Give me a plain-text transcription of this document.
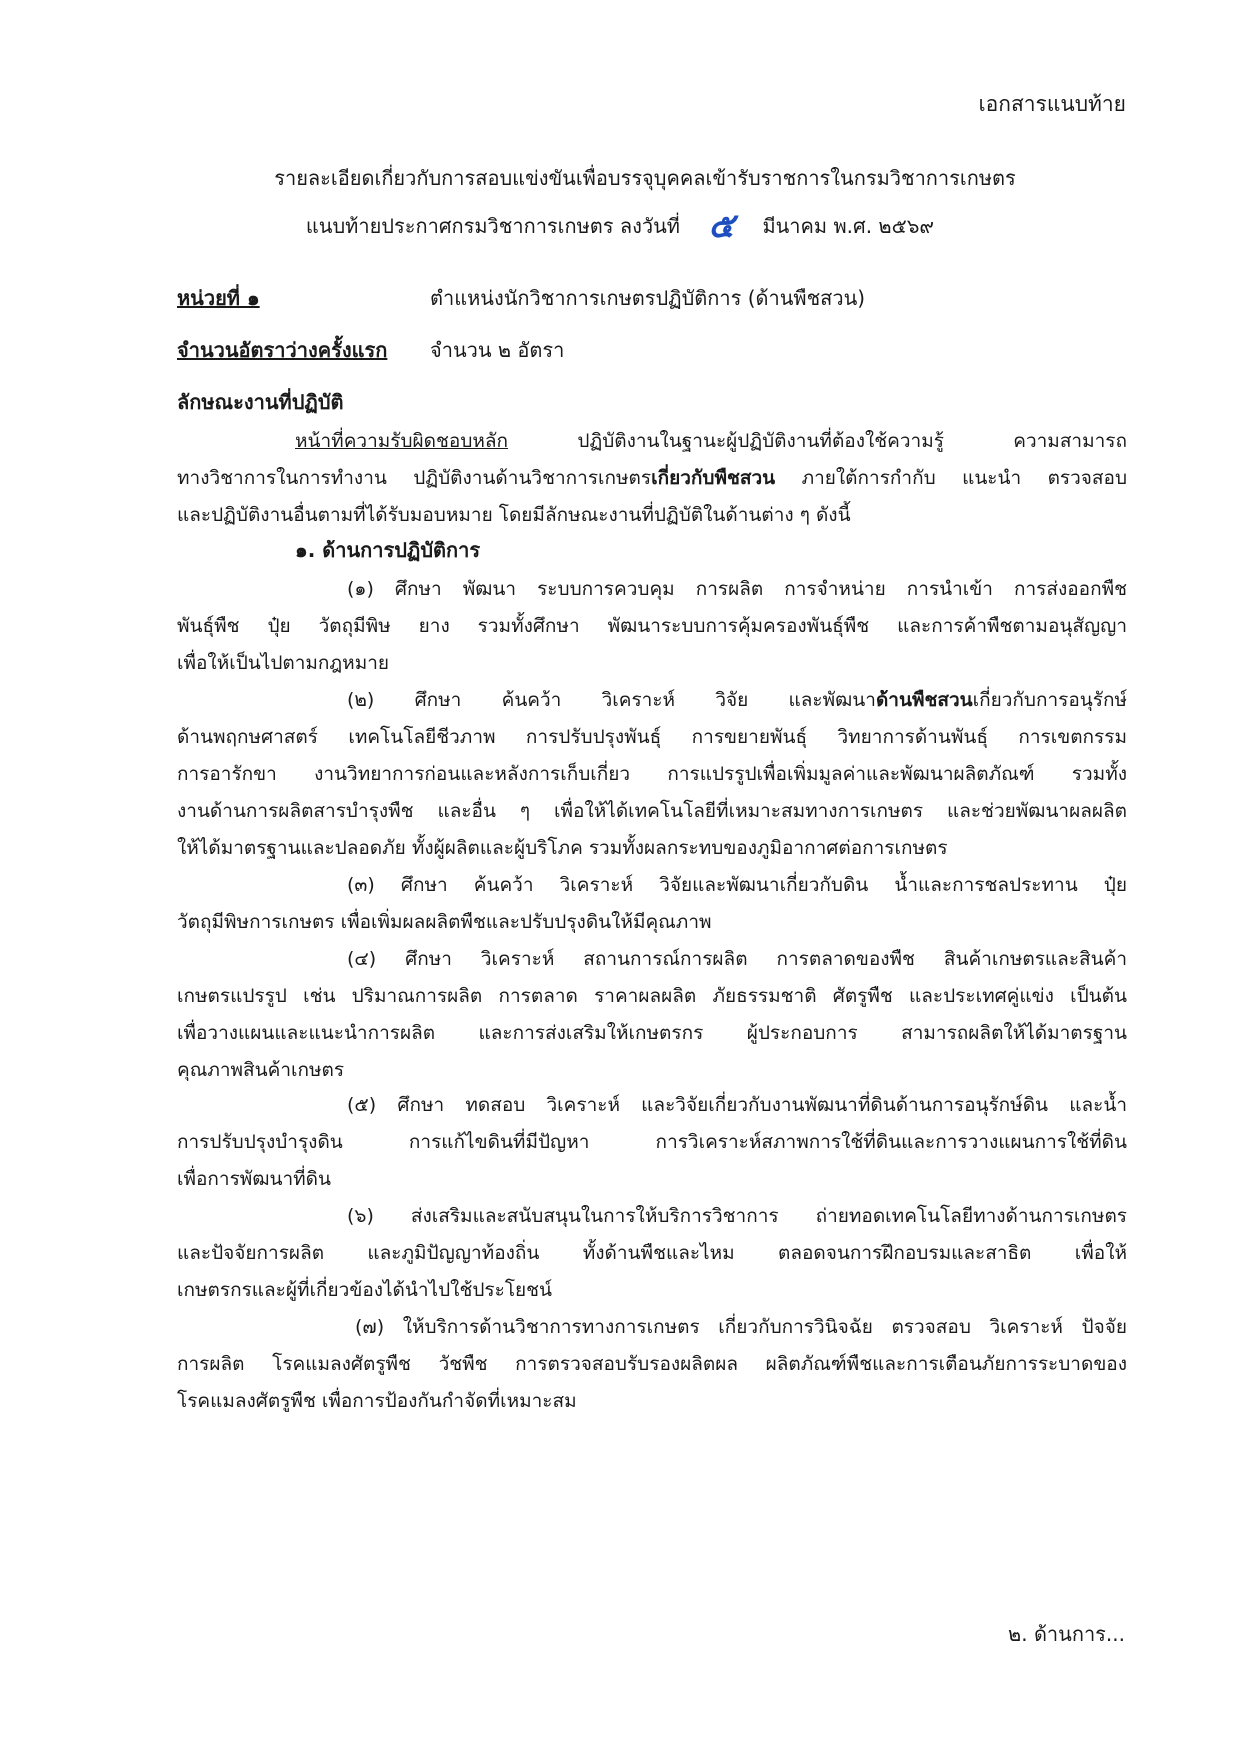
เอกสารแนบท้าย
รายละเอียดเกี่ยวกับการสอบแข่งขันเพื่อบรรจุบุคคลเข้ารับราชการในกรมวิชาการเกษตร
แนบท้ายประกาศกรมวิชาการเกษตร ลงวันที่ ๕ มีนาคม พ.ศ. ๒๕๖๙
หน่วยที่ ๑	ตำแหน่งนักวิชาการเกษตรปฏิบัติการ (ด้านพืชสวน)
จำนวนอัตราว่างครั้งแรก จำนวน ๒ อัตรา
ลักษณะงานที่ปฏิบัติ
หน้าที่ความรับผิดชอบหลัก ปฏิบัติงานในฐานะผู้ปฏิบัติงานที่ต้องใช้ความรู้ ความสามารถ
ทางวิชาการในการทำงาน ปฏิบัติงานด้านวิชาการเกษตรเกี่ยวกับพืชสวน ภายใต้การกำกับ แนะนำ ตรวจสอบ
และปฏิบัติงานอื่นตามที่ได้รับมอบหมาย โดยมีลักษณะงานที่ปฏิบัติในด้านต่าง ๆ ดังนี้
๑. ด้านการปฏิบัติการ
(๑) ศึกษา พัฒนา ระบบการควบคุม การผลิต การจำหน่าย การนำเข้า การส่งออกพืช
พันธุ์พืช ปุ๋ย วัตถุมีพิษ ยาง รวมทั้งศึกษา พัฒนาระบบการคุ้มครองพันธุ์พืช และการค้าพืชตามอนุสัญญา
เพื่อให้เป็นไปตามกฎหมาย
(๒) ศึกษา ค้นคว้า วิเคราะห์ วิจัย และพัฒนาด้านพืชสวนเกี่ยวกับการอนุรักษ์
ด้านพฤกษศาสตร์ เทคโนโลยีชีวภาพ การปรับปรุงพันธุ์ การขยายพันธุ์ วิทยาการด้านพันธุ์ การเขตกรรม
การอารักขา งานวิทยาการก่อนและหลังการเก็บเกี่ยว การแปรรูปเพื่อเพิ่มมูลค่าและพัฒนาผลิตภัณฑ์ รวมทั้ง
งานด้านการผลิตสารบำรุงพืช และอื่น ๆ เพื่อให้ได้เทคโนโลยีที่เหมาะสมทางการเกษตร และช่วยพัฒนาผลผลิต
ให้ได้มาตรฐานและปลอดภัย ทั้งผู้ผลิตและผู้บริโภค รวมทั้งผลกระทบของภูมิอากาศต่อการเกษตร
(๓) ศึกษา ค้นคว้า วิเคราะห์ วิจัยและพัฒนาเกี่ยวกับดิน น้ำและการชลประทาน ปุ๋ย
วัตถุมีพิษการเกษตร เพื่อเพิ่มผลผลิตพืชและปรับปรุงดินให้มีคุณภาพ
(๔) ศึกษา วิเคราะห์ สถานการณ์การผลิต การตลาดของพืช สินค้าเกษตรและสินค้า
เกษตรแปรรูป เช่น ปริมาณการผลิต การตลาด ราคาผลผลิต ภัยธรรมชาติ ศัตรูพืช และประเทศคู่แข่ง เป็นต้น
เพื่อวางแผนและแนะนำการผลิต และการส่งเสริมให้เกษตรกร ผู้ประกอบการ สามารถผลิตให้ได้มาตรฐาน
คุณภาพสินค้าเกษตร
(๕) ศึกษา ทดสอบ วิเคราะห์ และวิจัยเกี่ยวกับงานพัฒนาที่ดินด้านการอนุรักษ์ดิน และน้ำ
การปรับปรุงบำรุงดิน การแก้ไขดินที่มีปัญหา การวิเคราะห์สภาพการใช้ที่ดินและการวางแผนการใช้ที่ดิน
เพื่อการพัฒนาที่ดิน
(๖) ส่งเสริมและสนับสนุนในการให้บริการวิชาการ ถ่ายทอดเทคโนโลยีทางด้านการเกษตร
และปัจจัยการผลิต และภูมิปัญญาท้องถิ่น ทั้งด้านพืชและไหม ตลอดจนการฝึกอบรมและสาธิต เพื่อให้
เกษตรกรและผู้ที่เกี่ยวข้องได้นำไปใช้ประโยชน์
(๗) ให้บริการด้านวิชาการทางการเกษตร เกี่ยวกับการวินิจฉัย ตรวจสอบ วิเคราะห์ ปัจจัย
การผลิต โรคแมลงศัตรูพืช วัชพืช การตรวจสอบรับรองผลิตผล ผลิตภัณฑ์พืชและการเตือนภัยการระบาดของ
โรคแมลงศัตรูพืช เพื่อการป้องกันกำจัดที่เหมาะสม
๒. ด้านการ...
